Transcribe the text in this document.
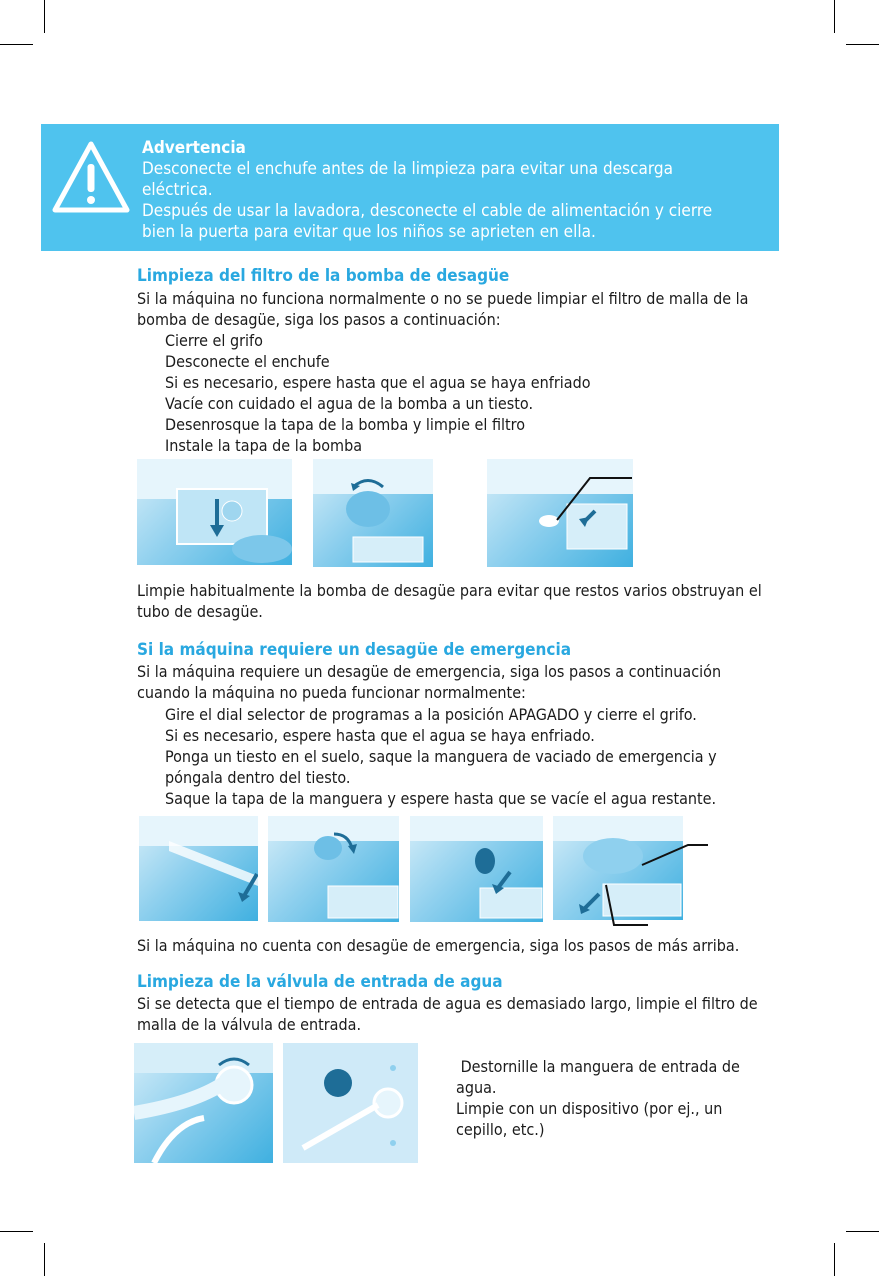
Advertencia
Desconecte el enchufe antes de la limpieza para evitar una descarga
eléctrica.
Después de usar la lavadora, desconecte el cable de alimentación y cierre
bien la puerta para evitar que los niños se aprieten en ella.
Limpieza del filtro de la bomba de desagüe
Si la máquina no funciona normalmente o no se puede limpiar el filtro de malla de la bomba de desagüe, siga los pasos a continuación:
Cierre el grifo
Desconecte el enchufe
Si es necesario, espere hasta que el agua se haya enfriado
Vacíe con cuidado el agua de la bomba a un tiesto.
Desenrosque la tapa de la bomba y limpie el filtro
Instale la tapa de la bomba
Limpie habitualmente la bomba de desagüe para evitar que restos varios obstruyan el tubo de desagüe.
Si la máquina requiere un desagüe de emergencia
Si la máquina requiere un desagüe de emergencia, siga los pasos a continuación cuando la máquina no pueda funcionar normalmente:
Gire el dial selector de programas a la posición APAGADO y cierre el grifo.
Si es necesario, espere hasta que el agua se haya enfriado.
Ponga un tiesto en el suelo, saque la manguera de vaciado de emergencia y póngala dentro del tiesto.
Saque la tapa de la manguera y espere hasta que se vacíe el agua restante.
Si la máquina no cuenta con desagüe de emergencia, siga los pasos de más arriba.
Limpieza de la válvula de entrada de agua
Si se detecta que el tiempo de entrada de agua es demasiado largo, limpie el filtro de malla de la válvula de entrada.
Destornille la manguera de entrada de agua.
Limpie con un dispositivo (por ej., un cepillo, etc.)
